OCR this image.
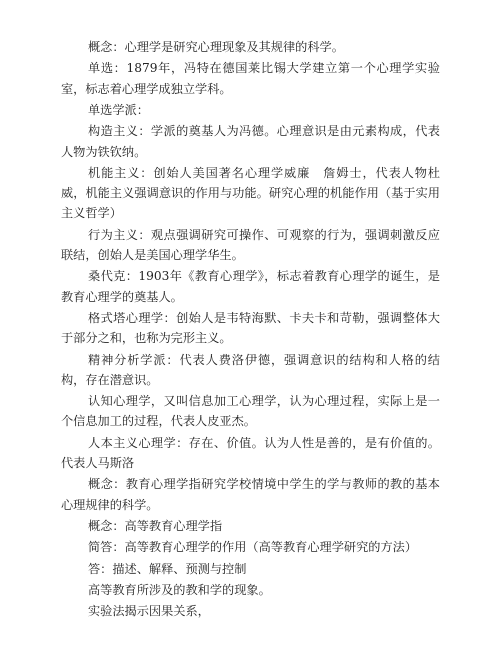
概念：心理学是研究心理现象及其规律的科学。

单选：1879年，冯特在德国莱比锡大学建立第一个心理学实验室，标志着心理学成独立学科。

单选学派：

构造主义：学派的奠基人为冯德。心理意识是由元素构成，代表人物为铁钦纳。

机能主义：创始人美国著名心理学威廉　詹姆士，代表人物杜威，机能主义强调意识的作用与功能。研究心理的机能作用（基于实用主义哲学）

行为主义：观点强调研究可操作、可观察的行为，强调刺激反应联结，创始人是美国心理学华生。

桑代克：1903年《教育心理学》，标志着教育心理学的诞生，是教育心理学的奠基人。

格式塔心理学：创始人是韦特海默、卡夫卡和苛勒，强调整体大于部分之和，也称为完形主义。

精神分析学派：代表人费洛伊德，强调意识的结构和人格的结构，存在潜意识。

认知心理学，又叫信息加工心理学，认为心理过程，实际上是一个信息加工的过程，代表人皮亚杰。

人本主义心理学：存在、价值。认为人性是善的，是有价值的。代表人马斯洛

概念：教育心理学指研究学校情境中学生的学与教师的教的基本心理规律的科学。

概念：高等教育心理学指

简答：高等教育心理学的作用（高等教育心理学研究的方法）

答：描述、解释、预测与控制

高等教育所涉及的教和学的现象。

实验法揭示因果关系，
